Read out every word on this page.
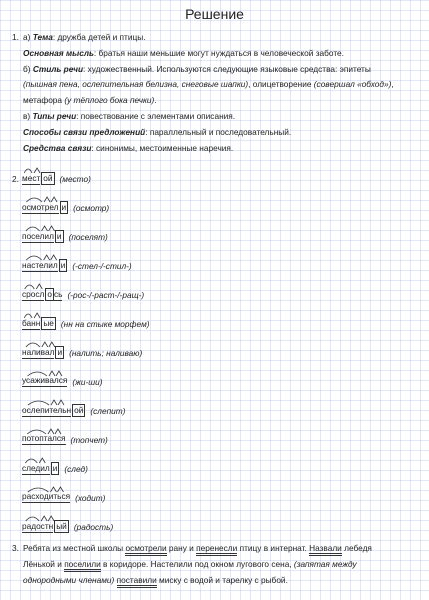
Решение
1. а) Тема: дружба детей и птицы.
Основная мысль: братья наши меньшие могут нуждаться в человеческой заботе.
б) Стиль речи: художественный. Используются следующие языковые средства: эпитеты
(пышная пена, ослепительная белизна, снеговые шапки), олицетворение (совершал «обход»),
метафора (у тёплого бока печки).
в) Типы речи: повествование с элементами описания.
Способы связи предложений: параллельный и последовательный.
Средства связи: синонимы, местоименные наречия.
2. мест ой (место)
осмотрел и (осмотр)
поселил и (поселят)
настелил и (-стел-/-стил-)
сросл о сь (-рос-/-раст-/-ращ-)
банн ые (нн на стыке морфем)
наливал и (налить; наливаю)
усаживался (жи-ши)
ослепительн ой (слепит)
потоптался (топчет)
следил и (след)
расходиться (ходит)
радостн ый (радость)
3. Ребята из местной школы осмотрели рану и перенесли птицу в интернат. Назвали лебедя
Лёнькой и поселили в коридоре. Настелили под окном лугового сена, (запятая между
однородными членами) поставили миску с водой и тарелку с рыбой.
